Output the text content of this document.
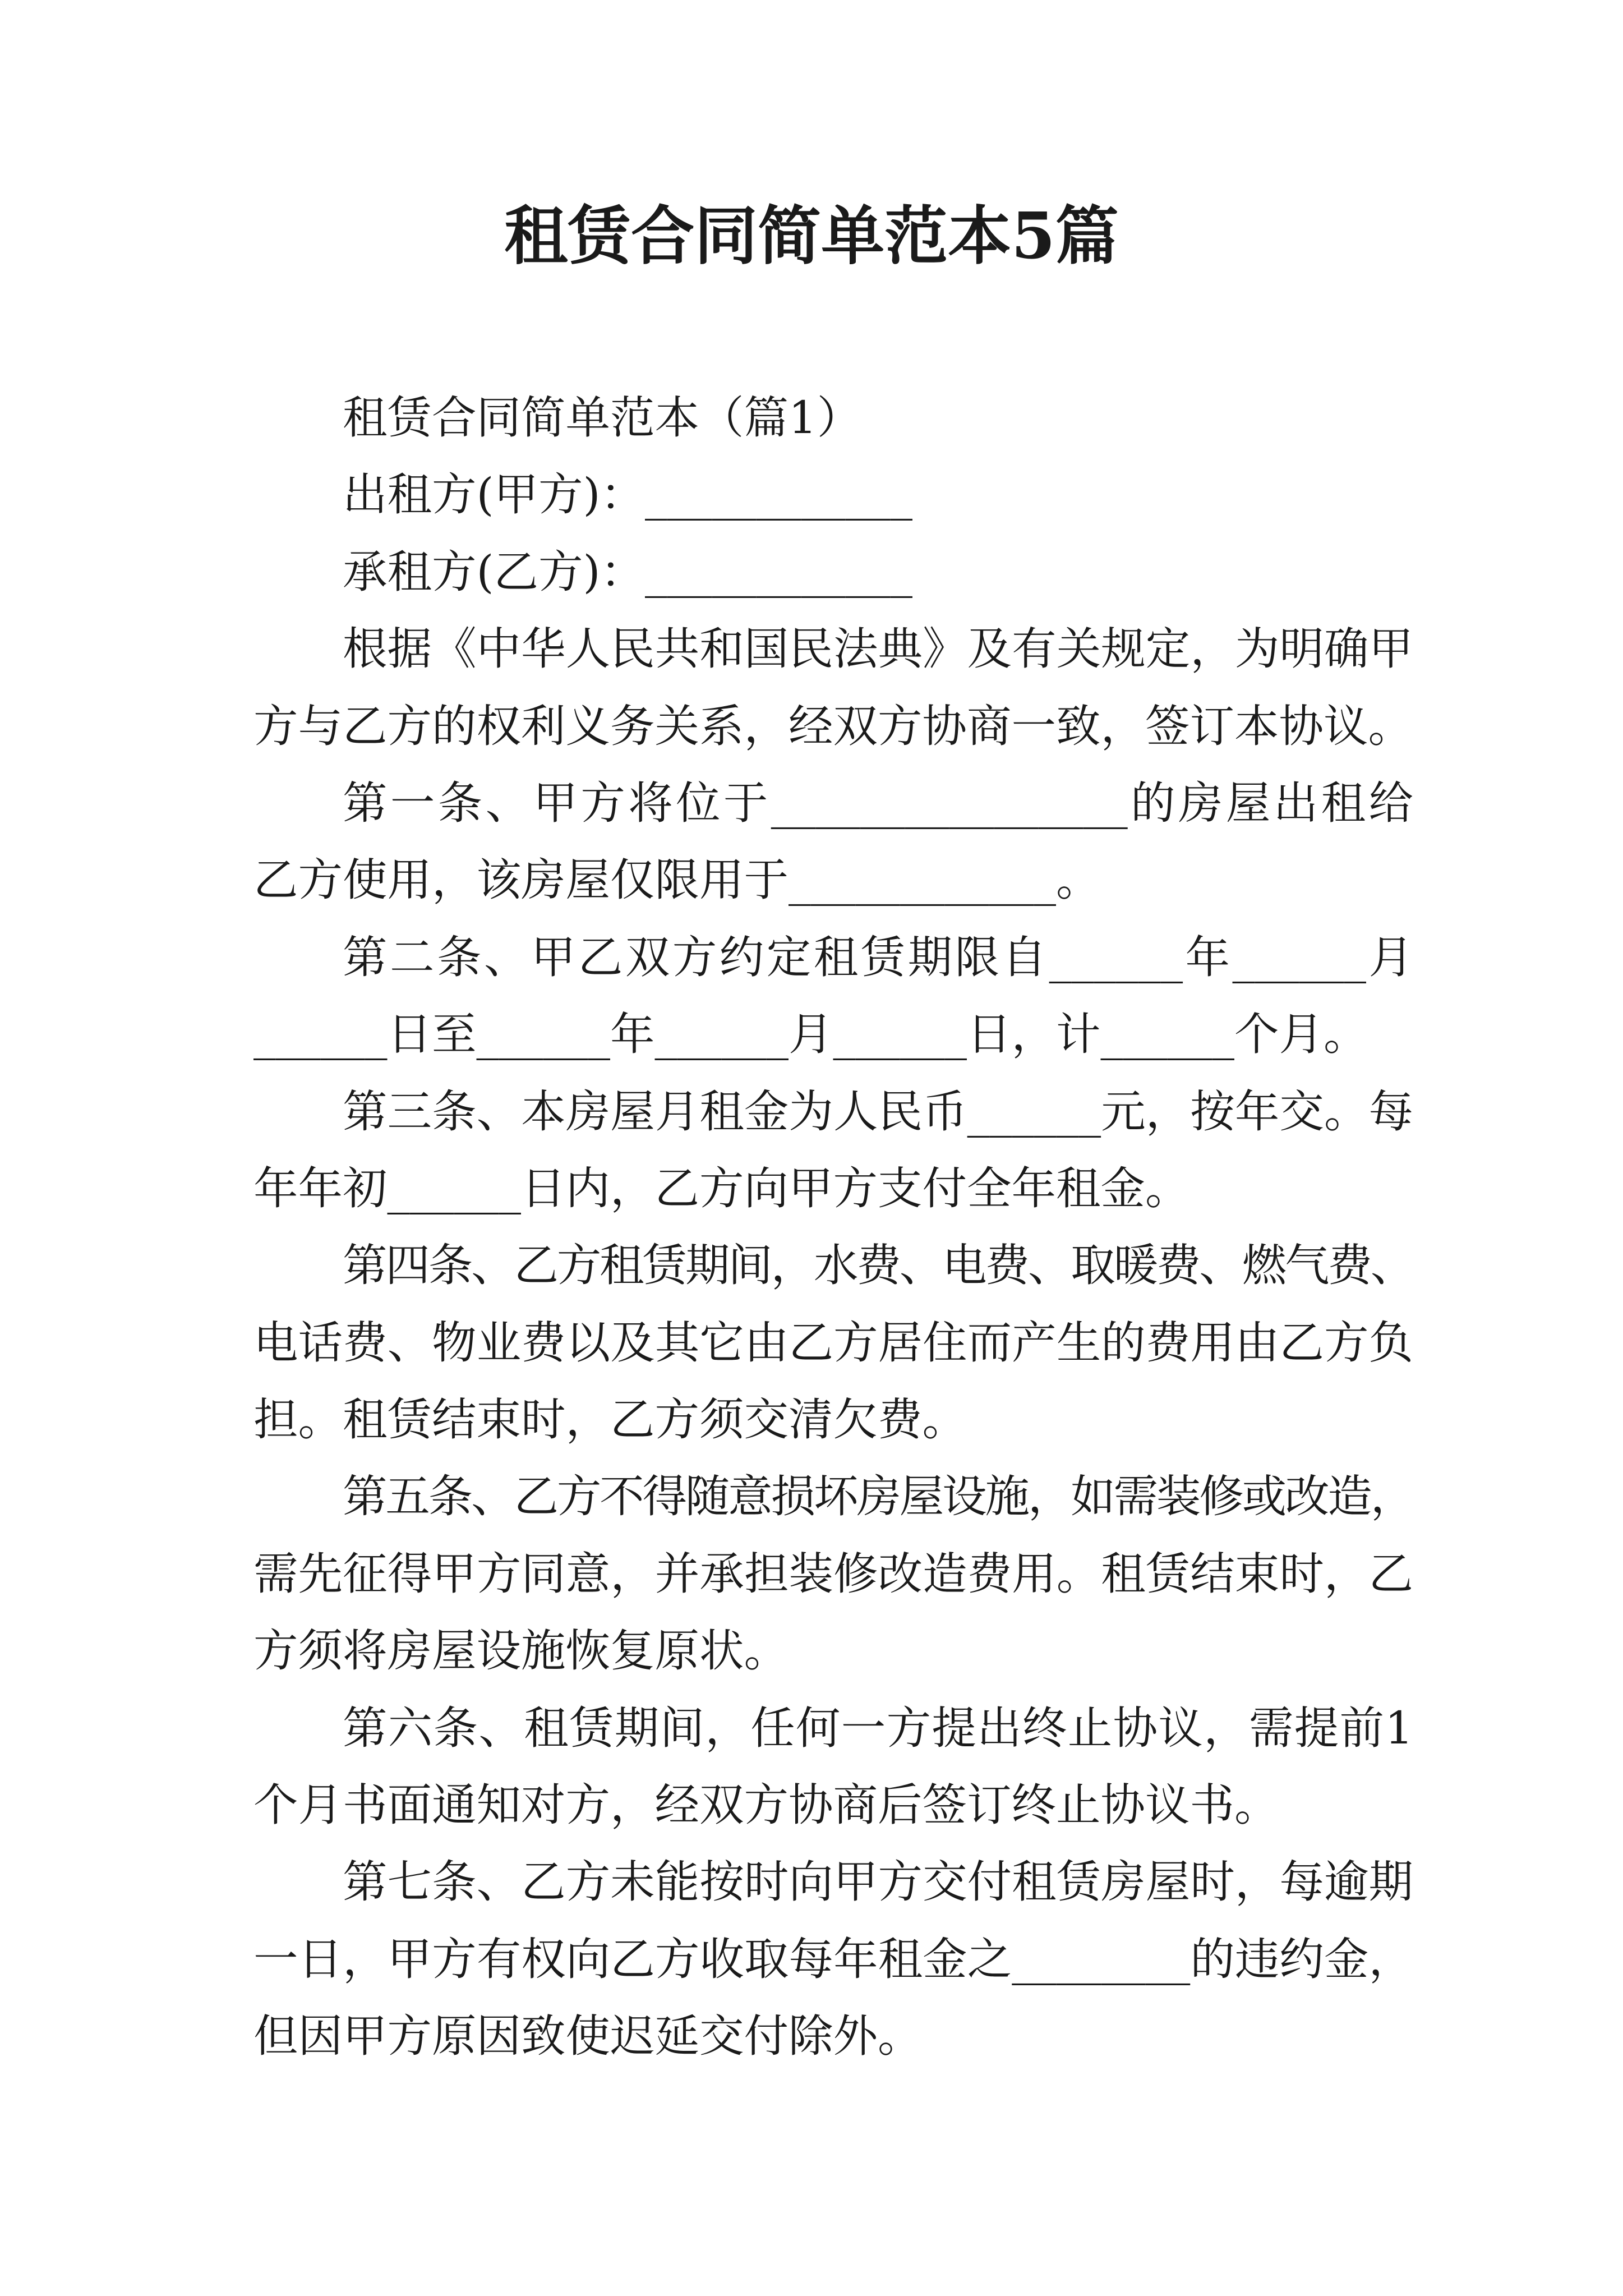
租赁合同简单范本5篇
租赁合同简单范本（篇1）
出租方(甲方)：____________
承租方(乙方)：____________
根据《中华人民共和国民法典》及有关规定，为明确甲
方与乙方的权利义务关系，经双方协商一致，签订本协议。
第一条、甲方将位于________________的房屋出租给
乙方使用，该房屋仅限用于____________。
第二条、甲乙双方约定租赁期限自______年______月
______日至______年______月______日，计______个月。
第三条、本房屋月租金为人民币______元，按年交。每
年年初______日内，乙方向甲方支付全年租金。
第四条、乙方租赁期间，水费、电费、取暖费、燃气费、
电话费、物业费以及其它由乙方居住而产生的费用由乙方负
担。租赁结束时，乙方须交清欠费。
第五条、乙方不得随意损坏房屋设施，如需装修或改造，
需先征得甲方同意，并承担装修改造费用。租赁结束时，乙
方须将房屋设施恢复原状。
第六条、租赁期间，任何一方提出终止协议，需提前1
个月书面通知对方，经双方协商后签订终止协议书。
第七条、乙方未能按时向甲方交付租赁房屋时，每逾期
一日，甲方有权向乙方收取每年租金之________的违约金，
但因甲方原因致使迟延交付除外。
